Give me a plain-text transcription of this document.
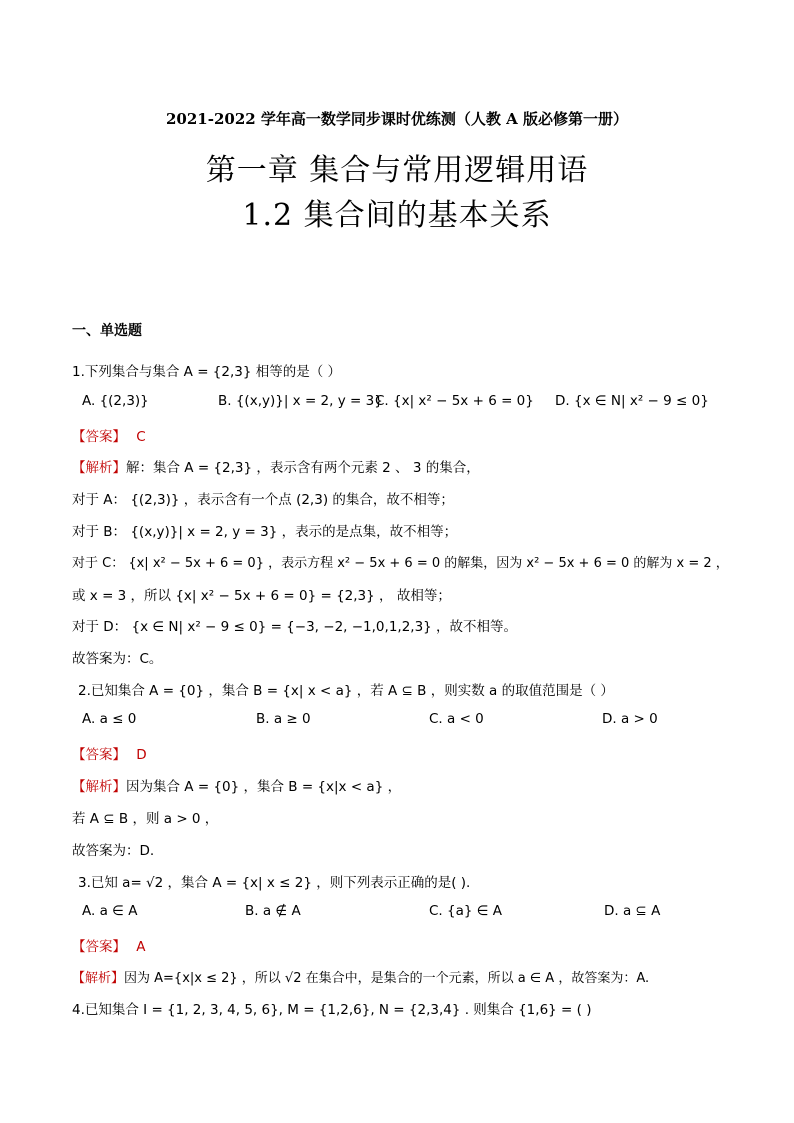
2021-2022 学年高一数学同步课时优练测（人教 A 版必修第一册）
第一章 集合与常用逻辑用语
1.2 集合间的基本关系
一、单选题
1.下列集合与集合 A = {2,3} 相等的是（ ）
A. {(2,3)}	B. {(x,y)}| x = 2, y = 3}
C. {x| x² − 5x + 6 = 0} D. {x ∈ N| x² − 9 ≤ 0}
【答案】 C
【解析】解：集合 A = {2,3} ，表示含有两个元素 2 、 3 的集合，
对于 A： {(2,3)} ，表示含有一个点 (2,3) 的集合，故不相等；
对于 B： {(x,y)}| x = 2, y = 3} ，表示的是点集，故不相等；
对于 C： {x| x² − 5x + 6 = 0} ，表示方程 x² − 5x + 6 = 0 的解集，因为 x² − 5x + 6 = 0 的解为 x = 2 ，
或 x = 3 ，所以 {x| x² − 5x + 6 = 0} = {2,3} ， 故相等；
对于 D： {x ∈ N| x² − 9 ≤ 0} = {−3, −2, −1,0,1,2,3} ，故不相等。
故答案为：C。
2.已知集合 A = {0} ，集合 B = {x| x < a} ，若 A ⊆ B ，则实数 a 的取值范围是（ ）
A. a ≤ 0	B. a ≥ 0	C. a < 0	D. a > 0
【答案】 D
【解析】因为集合 A = {0} ，集合 B = {x|x < a} ，
若 A ⊆ B ，则 a > 0 ，
故答案为：D.
3.已知 a= √2 ，集合 A = {x| x ≤ 2} ，则下列表示正确的是( ).
A. a ∈ A	B. a ∉ A	C. {a} ∈ A	D. a ⊆ A
【答案】 A
【解析】因为 A={x|x ≤ 2} ，所以 √2 在集合中，是集合的一个元素，所以 a ∈ A ，故答案为：A.
4.已知集合 I = {1, 2, 3, 4, 5, 6}, M = {1,2,6}, N = {2,3,4} . 则集合 {1,6} = ( )
